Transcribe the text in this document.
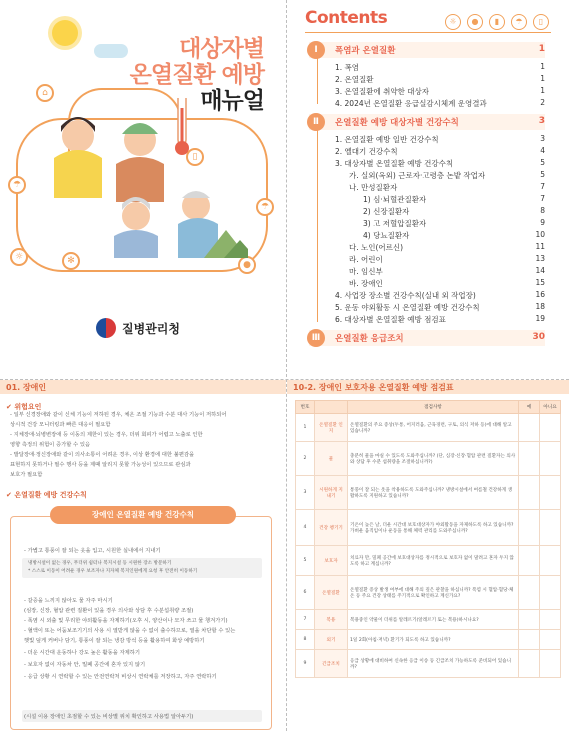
⌂
☂
☼	✻
▯
☂
●
대상자별
온열질환 예방
매뉴얼
질병관리청
Contents	☼ ● ▮ ☂ ▯
Ⅰ	폭염과 온열질환	1
1. 폭염	1
2. 온열질환	1
3. 온열질환에 취약한 대상자	1
4. 2024년 온열질환 응급실감시체계 운영결과	2
Ⅱ	온열질환 예방 대상자별 건강수칙	3
1. 온열질환 예방 일반 건강수칙	3
2. 옐대기 건강수칙	4
3. 대상자별 온열질환 예방 건강수칙	5
가. 실외(옥외) 근로자·고령층 논밭 작업자	5
나. 만성질환자	7
1) 심·뇌혈관질환자	7
2) 신장질환자	8
3) 고 저혈압질환자	9
4) 당뇨질환자	10
다. 노인(어르신)	11
라. 어린이	13
마. 임신부	14
바. 장애인	15
4. 사업장 장소별 건강수칙(실내 외 작업장)	16
5. 운동 야외활동 시 온열질환 예방 건강수칙	18
6. 대상자별 온열질환 예방 점검표	19
Ⅲ	온열질환 응급조치	30
01. 장애인
✔ 위험요인
- 일부 신경장애와 같이 신체 기능이 저하된 경우, 체온 조절 기능과 수분 대사 기능이 저하되어
상시적 건강 모니터링과 빠른 대응이 필요함
- 지체장애·뇌병변장애 등 이동의 제한이 있는 경우, 더위 회피가 어렵고 노출로 인한
영향 측정의 위험이 증가할 수 있음
- 발달장애·정신장애와 같이 의사소통이 어려운 경우, 이상 환경에 대한 불편감을
표현하지 못하거나 필수 행사 등을 제때 알리지 못할 가능성이 있으므로 관심과
보호가 필요함
✔ 온열질환 예방 건강수칙
장애인 온열질환 예방 건강수칙
- 가볍고 통풍이 잘 되는 옷을 입고, 시원한 실내에서 지내기
- 갈증을 느끼지 않아도 물 자주 마시기
(심장, 신장, 혈압 관련 질환이 있을 경우 의사와 상담 후 수분섭취량 조절)
- 폭염 시 외출 및 무리한 야외활동을 자제하기(오후 시, 양산이나 모자 쓰고 물 챙겨가기)
- 혈액이 또는 어둠보조기기의 사용 시 열받게 않을 수 없이 출수하므로, 열을 차단할 수 있는
햇빛 덮게 커버나 담기, 통풍이 잘 되는 냉감 방석 등을 활용하여 화상 예방하기
- 더운 시간대 운동하나 강도 높은 활동을 자제하기
- 보호자 없이 자동차 안, 밀폐 공간에 혼자 있지 않기
- 응급 상황 시 연락할 수 있는 안전연락처 비상시 연락체를 저장하고, 자주 연락하기
(시설 이용 장애인 초점할 수 있는 비상별 위치 확인하고 사용법 알아두기)
냉방시설이 없는 경우, 무더위 쉼터나 복지시설 등 시원한 장소 방문하기
* 스스로 이동이 어려운 경우 보조자나 지자체 복지인원에게 요청 후 안전히 이동하기
10-2. 장애인 보호자용 온열질환 예방 점검표
번호		점검사항	예	아니요
1	온열질환 인지	온열질환의 주요 증상(두통, 어지러움, 근육경련, 구토, 의식 저하 등)에 대해 알고 있습니까?		
2	물	충분히 물을 마실 수 있도록 도와주십니까? (단, 심장·신장·혈압 관련 질환자는 의사와 상담 후 수분 섭취량을 조절하십니까?)		
3	시원하게 지내기	통풍이 잘 되는 옷을 착용하도록 도와주십니까? 냉방시설에서 여름철 건강하게 생활하도록 지원하고 있습니까?		
4	건강 챙기기	기온이 높은 날, 더운 시간대 보호대상자가 야외활동을 자제하도록 하고 있습니까? 가벼운 움직임이나 운동을 통해 체력 관리를 도와주십니까?		
5	보호자	치료자 만, 밀폐 공간에 보호대상자를 정시적으로 보호자 없이 말려고 혼자 두지 않도록 하고 계십니까?		
6	온열질환	온열질환 증상 발생 여부에 대해 주의 깊은 관찰을 하십니까? 폭염 시 혈압·혈당·체온 등 주요 건강 상태를 주기적으로 확인하고 계신가요?		
7	복용	복용중인 약물이 더위를 알레르기(알레르기 또는 복용)하시나요?		
8	외기	1일 2회(아침·저녁) 환기가 되도록 하고 있습니까?		
9	긴급조치	응급 상황에 대비하여 신속한 응급 이송 등 긴급조치 가능하도록 준비되어 있습니까?		
